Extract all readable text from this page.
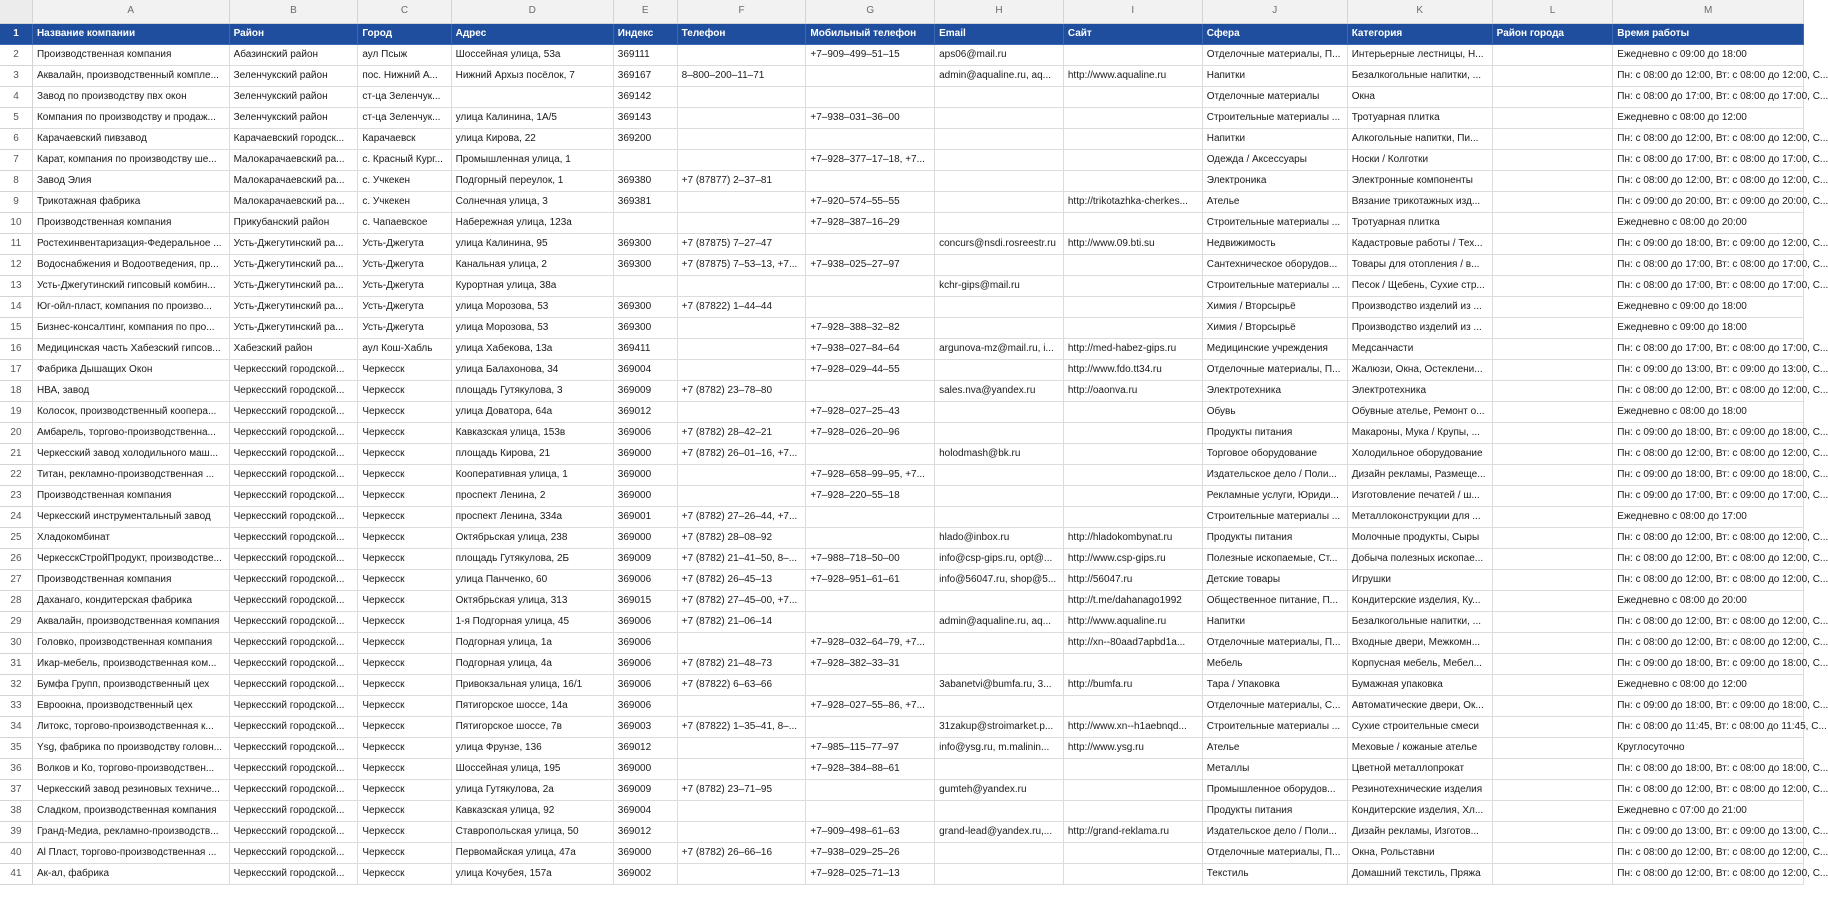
	A	B	C	D	E	F	G	H	I	J	K	L	M
1	Название компании	Район	Город	Адрес	Индекс	Телефон	Мобильный телефон	Email	Сайт	Сфера	Категория	Район города	Время работы
2	Производственная компания	Абазинский район	аул Псыж	Шоссейная улица, 53а	369111		+7‒909‒499‒51‒15	aps06@mail.ru		Отделочные материалы, П...	Интерьерные лестницы, Н...		Ежедневно с 09:00 до 18:00
3	Аквалайн, производственный компле...	Зеленчукский район	пос. Нижний А...	Нижний Архыз посёлок, 7	369167	8‒800‒200‒11‒71		admin@aqualine.ru, aq...	http://www.aqualine.ru	Напитки	Безалкогольные напитки, ...		Пн: с 08:00 до 12:00, Вт: с 08:00 до 12:00, С...
4	Завод по производству пвх окон	Зеленчукский район	ст-ца Зеленчук...		369142					Отделочные материалы	Окна		Пн: с 08:00 до 17:00, Вт: с 08:00 до 17:00, С...
5	Компания по производству и продаж...	Зеленчукский район	ст-ца Зеленчук...	улица Калинина, 1А/5	369143		+7‒938‒031‒36‒00			Строительные материалы ...	Тротуарная плитка		Ежедневно с 08:00 до 12:00
6	Карачаевский пивзавод	Карачаевский городск...	Карачаевск	улица Кирова, 22	369200					Напитки	Алкогольные напитки, Пи...		Пн: с 08:00 до 12:00, Вт: с 08:00 до 12:00, С...
7	Карат, компания по производству ше...	Малокарачаевский ра...	с. Красный Кург...	Промышленная улица, 1			+7‒928‒377‒17‒18, +7...			Одежда / Аксессуары	Носки / Колготки		Пн: с 08:00 до 17:00, Вт: с 08:00 до 17:00, С...
8	Завод Элия	Малокарачаевский ра...	с. Учкекен	Подгорный переулок, 1	369380	+7 (87877) 2‒37‒81				Электроника	Электронные компоненты		Пн: с 08:00 до 12:00, Вт: с 08:00 до 12:00, С...
9	Трикотажная фабрика	Малокарачаевский ра...	с. Учкекен	Солнечная улица, 3	369381		+7‒920‒574‒55‒55		http://trikotazhka-cherkes...	Ателье	Вязание трикотажных изд...		Пн: с 09:00 до 20:00, Вт: с 09:00 до 20:00, С...
10	Производственная компания	Прикубанский район	с. Чапаевское	Набережная улица, 123а			+7‒928‒387‒16‒29			Строительные материалы ...	Тротуарная плитка		Ежедневно с 08:00 до 20:00
11	Ростехинвентаризация-Федеральное ...	Усть-Джегутинский ра...	Усть-Джегута	улица Калинина, 95	369300	+7 (87875) 7‒27‒47		concurs@nsdi.rosreestr.ru	http://www.09.bti.su	Недвижимость	Кадастровые работы / Тех...		Пн: с 09:00 до 18:00, Вт: с 09:00 до 12:00, С...
12	Водоснабжения и Водоотведения, пр...	Усть-Джегутинский ра...	Усть-Джегута	Канальная улица, 2	369300	+7 (87875) 7‒53‒13, +7...	+7‒938‒025‒27‒97			Сантехническое оборудов...	Товары для отопления / в...		Пн: с 08:00 до 17:00, Вт: с 08:00 до 17:00, С...
13	Усть-Джегутинский гипсовый комбин...	Усть-Джегутинский ра...	Усть-Джегута	Курортная улица, 38а				kchr-gips@mail.ru		Строительные материалы ...	Песок / Щебень, Сухие стр...		Пн: с 08:00 до 17:00, Вт: с 08:00 до 17:00, С...
14	Юг-ойл-пласт, компания по произво...	Усть-Джегутинский ра...	Усть-Джегута	улица Морозова, 53	369300	+7 (87822) 1‒44‒44				Химия / Вторсырьё	Производство изделий из ...		Ежедневно с 09:00 до 18:00
15	Бизнес-консалтинг, компания по про...	Усть-Джегутинский ра...	Усть-Джегута	улица Морозова, 53	369300		+7‒928‒388‒32‒82			Химия / Вторсырьё	Производство изделий из ...		Ежедневно с 09:00 до 18:00
16	Медицинская часть Хабезский гипсов...	Хабезский район	аул Кош-Хабль	улица Хабекова, 13а	369411		+7‒938‒027‒84‒64	argunova-mz@mail.ru, i...	http://med-habez-gips.ru	Медицинские учреждения	Медсанчасти		Пн: с 08:00 до 17:00, Вт: с 08:00 до 17:00, С...
17	Фабрика Дышащих Окон	Черкесский городской...	Черкесск	улица Балахонова, 34	369004		+7‒928‒029‒44‒55		http://www.fdo.tt34.ru	Отделочные материалы, П...	Жалюзи, Окна, Остеклени...		Пн: с 09:00 до 13:00, Вт: с 09:00 до 13:00, С...
18	НВА, завод	Черкесский городской...	Черкесск	площадь Гутякулова, 3	369009	+7 (8782) 23‒78‒80		sales.nva@yandex.ru	http://oaonva.ru	Электротехника	Электротехника		Пн: с 08:00 до 12:00, Вт: с 08:00 до 12:00, С...
19	Колосок, производственный коопера...	Черкесский городской...	Черкесск	улица Доватора, 64а	369012		+7‒928‒027‒25‒43			Обувь	Обувные ателье, Ремонт о...		Ежедневно с 08:00 до 18:00
20	Амбарель, торгово-производственна...	Черкесский городской...	Черкесск	Кавказская улица, 153в	369006	+7 (8782) 28‒42‒21	+7‒928‒026‒20‒96			Продукты питания	Макароны, Мука / Крупы, ...		Пн: с 09:00 до 18:00, Вт: с 09:00 до 18:00, С...
21	Черкесский завод холодильного маш...	Черкесский городской...	Черкесск	площадь Кирова, 21	369000	+7 (8782) 26‒01‒16, +7...		holodmash@bk.ru		Торговое оборудование	Холодильное оборудование		Пн: с 08:00 до 12:00, Вт: с 08:00 до 12:00, С...
22	Титан, рекламно-производственная ...	Черкесский городской...	Черкесск	Кооперативная улица, 1	369000		+7‒928‒658‒99‒95, +7...			Издательское дело / Поли...	Дизайн рекламы, Размеще...		Пн: с 09:00 до 18:00, Вт: с 09:00 до 18:00, С...
23	Производственная компания	Черкесский городской...	Черкесск	проспект Ленина, 2	369000		+7‒928‒220‒55‒18			Рекламные услуги, Юриди...	Изготовление печатей / ш...		Пн: с 09:00 до 17:00, Вт: с 09:00 до 17:00, С...
24	Черкесский инструментальный завод	Черкесский городской...	Черкесск	проспект Ленина, 334а	369001	+7 (8782) 27‒26‒44, +7...				Строительные материалы ...	Металлоконструкции для ...		Ежедневно с 08:00 до 17:00
25	Хладокомбинат	Черкесский городской...	Черкесск	Октябрьская улица, 238	369000	+7 (8782) 28‒08‒92		hlado@inbox.ru	http://hladokombynat.ru	Продукты питания	Молочные продукты, Сыры		Пн: с 08:00 до 12:00, Вт: с 08:00 до 12:00, С...
26	ЧеркесскСтройПродукт, производстве...	Черкесский городской...	Черкесск	площадь Гутякулова, 2Б	369009	+7 (8782) 21‒41‒50, 8‒...	+7‒988‒718‒50‒00	info@csp-gips.ru, opt@...	http://www.csp-gips.ru	Полезные ископаемые, Ст...	Добыча полезных ископае...		Пн: с 08:00 до 12:00, Вт: с 08:00 до 12:00, С...
27	Производственная компания	Черкесский городской...	Черкесск	улица Панченко, 60	369006	+7 (8782) 26‒45‒13	+7‒928‒951‒61‒61	info@56047.ru, shop@5...	http://56047.ru	Детские товары	Игрушки		Пн: с 08:00 до 12:00, Вт: с 08:00 до 12:00, С...
28	Даханаго, кондитерская фабрика	Черкесский городской...	Черкесск	Октябрьская улица, 313	369015	+7 (8782) 27‒45‒00, +7...			http://t.me/dahanago1992	Общественное питание, П...	Кондитерские изделия, Ку...		Ежедневно с 08:00 до 20:00
29	Аквалайн, производственная компания	Черкесский городской...	Черкесск	1-я Подгорная улица, 45	369006	+7 (8782) 21‒06‒14		admin@aqualine.ru, aq...	http://www.aqualine.ru	Напитки	Безалкогольные напитки, ...		Пн: с 08:00 до 12:00, Вт: с 08:00 до 12:00, С...
30	Головко, производственная компания	Черкесский городской...	Черкесск	Подгорная улица, 1а	369006		+7‒928‒032‒64‒79, +7...		http://xn--80aad7apbd1a...	Отделочные материалы, П...	Входные двери, Межкомн...		Пн: с 08:00 до 12:00, Вт: с 08:00 до 12:00, С...
31	Икар-мебель, производственная ком...	Черкесский городской...	Черкесск	Подгорная улица, 4а	369006	+7 (8782) 21‒48‒73	+7‒928‒382‒33‒31			Мебель	Корпусная мебель, Мебел...		Пн: с 09:00 до 18:00, Вт: с 09:00 до 18:00, С...
32	Бумфа Групп, производственный цех	Черкесский городской...	Черкесск	Привокзальная улица, 16/1	369006	+7 (87822) 6‒63‒66		3abanetvi@bumfa.ru, 3...	http://bumfa.ru	Тара / Упаковка	Бумажная упаковка		Ежедневно с 08:00 до 12:00
33	Евроокна, производственный цех	Черкесский городской...	Черкесск	Пятигорское шоссе, 14а	369006		+7‒928‒027‒55‒86, +7...			Отделочные материалы, С...	Автоматические двери, Ок...		Пн: с 09:00 до 18:00, Вт: с 09:00 до 18:00, С...
34	Литокс, торгово-производственная к...	Черкесский городской...	Черкесск	Пятигорское шоссе, 7в	369003	+7 (87822) 1‒35‒41, 8‒...		31zakup@stroimarket.p...	http://www.xn--h1aebnqd...	Строительные материалы ...	Сухие строительные смеси		Пн: с 08:00 до 11:45, Вт: с 08:00 до 11:45, С...
35	Ysg, фабрика по производству головн...	Черкесский городской...	Черкесск	улица Фрунзе, 136	369012		+7‒985‒115‒77‒97	info@ysg.ru, m.malinin...	http://www.ysg.ru	Ателье	Меховые / кожаные ателье		Круглосуточно
36	Волков и Ко, торгово-производствен...	Черкесский городской...	Черкесск	Шоссейная улица, 195	369000		+7‒928‒384‒88‒61			Металлы	Цветной металлопрокат		Пн: с 08:00 до 18:00, Вт: с 08:00 до 18:00, С...
37	Черкесский завод резиновых техниче...	Черкесский городской...	Черкесск	улица Гутякулова, 2а	369009	+7 (8782) 23‒71‒95		gumteh@yandex.ru		Промышленное оборудов...	Резинотехнические изделия		Пн: с 08:00 до 12:00, Вт: с 08:00 до 12:00, С...
38	Сладком, производственная компания	Черкесский городской...	Черкесск	Кавказская улица, 92	369004					Продукты питания	Кондитерские изделия, Хл...		Ежедневно с 07:00 до 21:00
39	Гранд-Медиа, рекламно-производств...	Черкесский городской...	Черкесск	Ставропольская улица, 50	369012		+7‒909‒498‒61‒63	grand-lead@yandex.ru,...	http://grand-reklama.ru	Издательское дело / Поли...	Дизайн рекламы, Изготов...		Пн: с 09:00 до 13:00, Вт: с 09:00 до 13:00, С...
40	Al Пласт, торгово-производственная ...	Черкесский городской...	Черкесск	Первомайская улица, 47а	369000	+7 (8782) 26‒66‒16	+7‒938‒029‒25‒26			Отделочные материалы, П...	Окна, Рольставни		Пн: с 08:00 до 12:00, Вт: с 08:00 до 12:00, С...
41	Ак-ал, фабрика	Черкесский городской...	Черкесск	улица Кочубея, 157а	369002		+7‒928‒025‒71‒13			Текстиль	Домашний текстиль, Пряжа		Пн: с 08:00 до 12:00, Вт: с 08:00 до 12:00, С...
